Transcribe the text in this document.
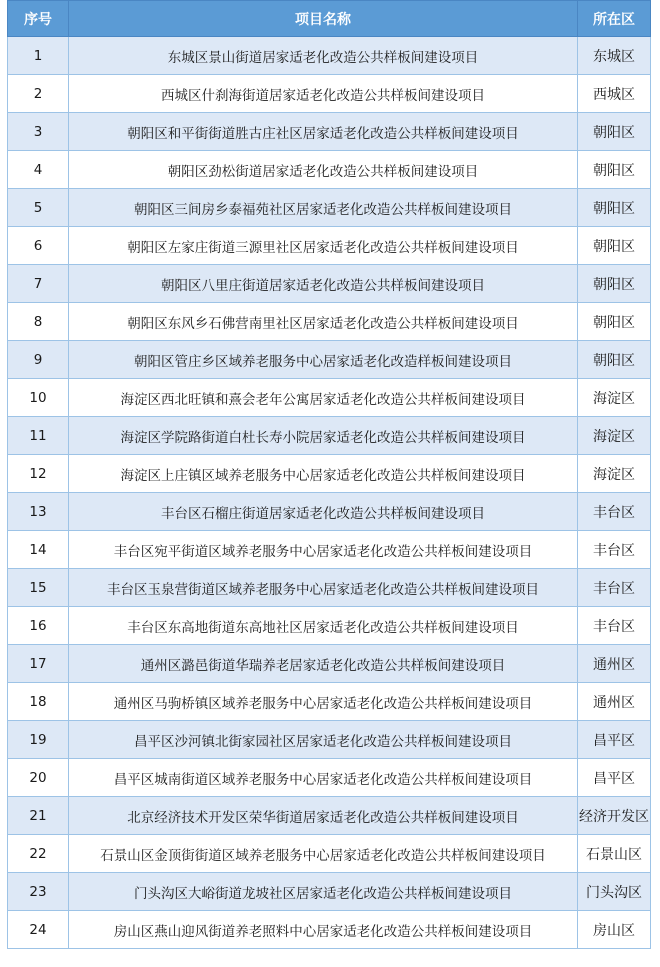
序号	项目名称	所在区
1	东城区景山街道居家适老化改造公共样板间建设项目	东城区
2	西城区什刹海街道居家适老化改造公共样板间建设项目	西城区
3	朝阳区和平街街道胜古庄社区居家适老化改造公共样板间建设项目	朝阳区
4	朝阳区劲松街道居家适老化改造公共样板间建设项目	朝阳区
5	朝阳区三间房乡泰福苑社区居家适老化改造公共样板间建设项目	朝阳区
6	朝阳区左家庄街道三源里社区居家适老化改造公共样板间建设项目	朝阳区
7	朝阳区八里庄街道居家适老化改造公共样板间建设项目	朝阳区
8	朝阳区东风乡石佛营南里社区居家适老化改造公共样板间建设项目	朝阳区
9	朝阳区管庄乡区域养老服务中心居家适老化改造样板间建设项目	朝阳区
10	海淀区西北旺镇和熹会老年公寓居家适老化改造公共样板间建设项目	海淀区
11	海淀区学院路街道白杜长寿小院居家适老化改造公共样板间建设项目	海淀区
12	海淀区上庄镇区域养老服务中心居家适老化改造公共样板间建设项目	海淀区
13	丰台区石榴庄街道居家适老化改造公共样板间建设项目	丰台区
14	丰台区宛平街道区域养老服务中心居家适老化改造公共样板间建设项目	丰台区
15	丰台区玉泉营街道区域养老服务中心居家适老化改造公共样板间建设项目	丰台区
16	丰台区东高地街道东高地社区居家适老化改造公共样板间建设项目	丰台区
17	通州区潞邑街道华瑞养老居家适老化改造公共样板间建设项目	通州区
18	通州区马驹桥镇区域养老服务中心居家适老化改造公共样板间建设项目	通州区
19	昌平区沙河镇北街家园社区居家适老化改造公共样板间建设项目	昌平区
20	昌平区城南街道区域养老服务中心居家适老化改造公共样板间建设项目	昌平区
21	北京经济技术开发区荣华街道居家适老化改造公共样板间建设项目	经济开发区
22	石景山区金顶街街道区域养老服务中心居家适老化改造公共样板间建设项目	石景山区
23	门头沟区大峪街道龙坡社区居家适老化改造公共样板间建设项目	门头沟区
24	房山区燕山迎风街道养老照料中心居家适老化改造公共样板间建设项目	房山区
